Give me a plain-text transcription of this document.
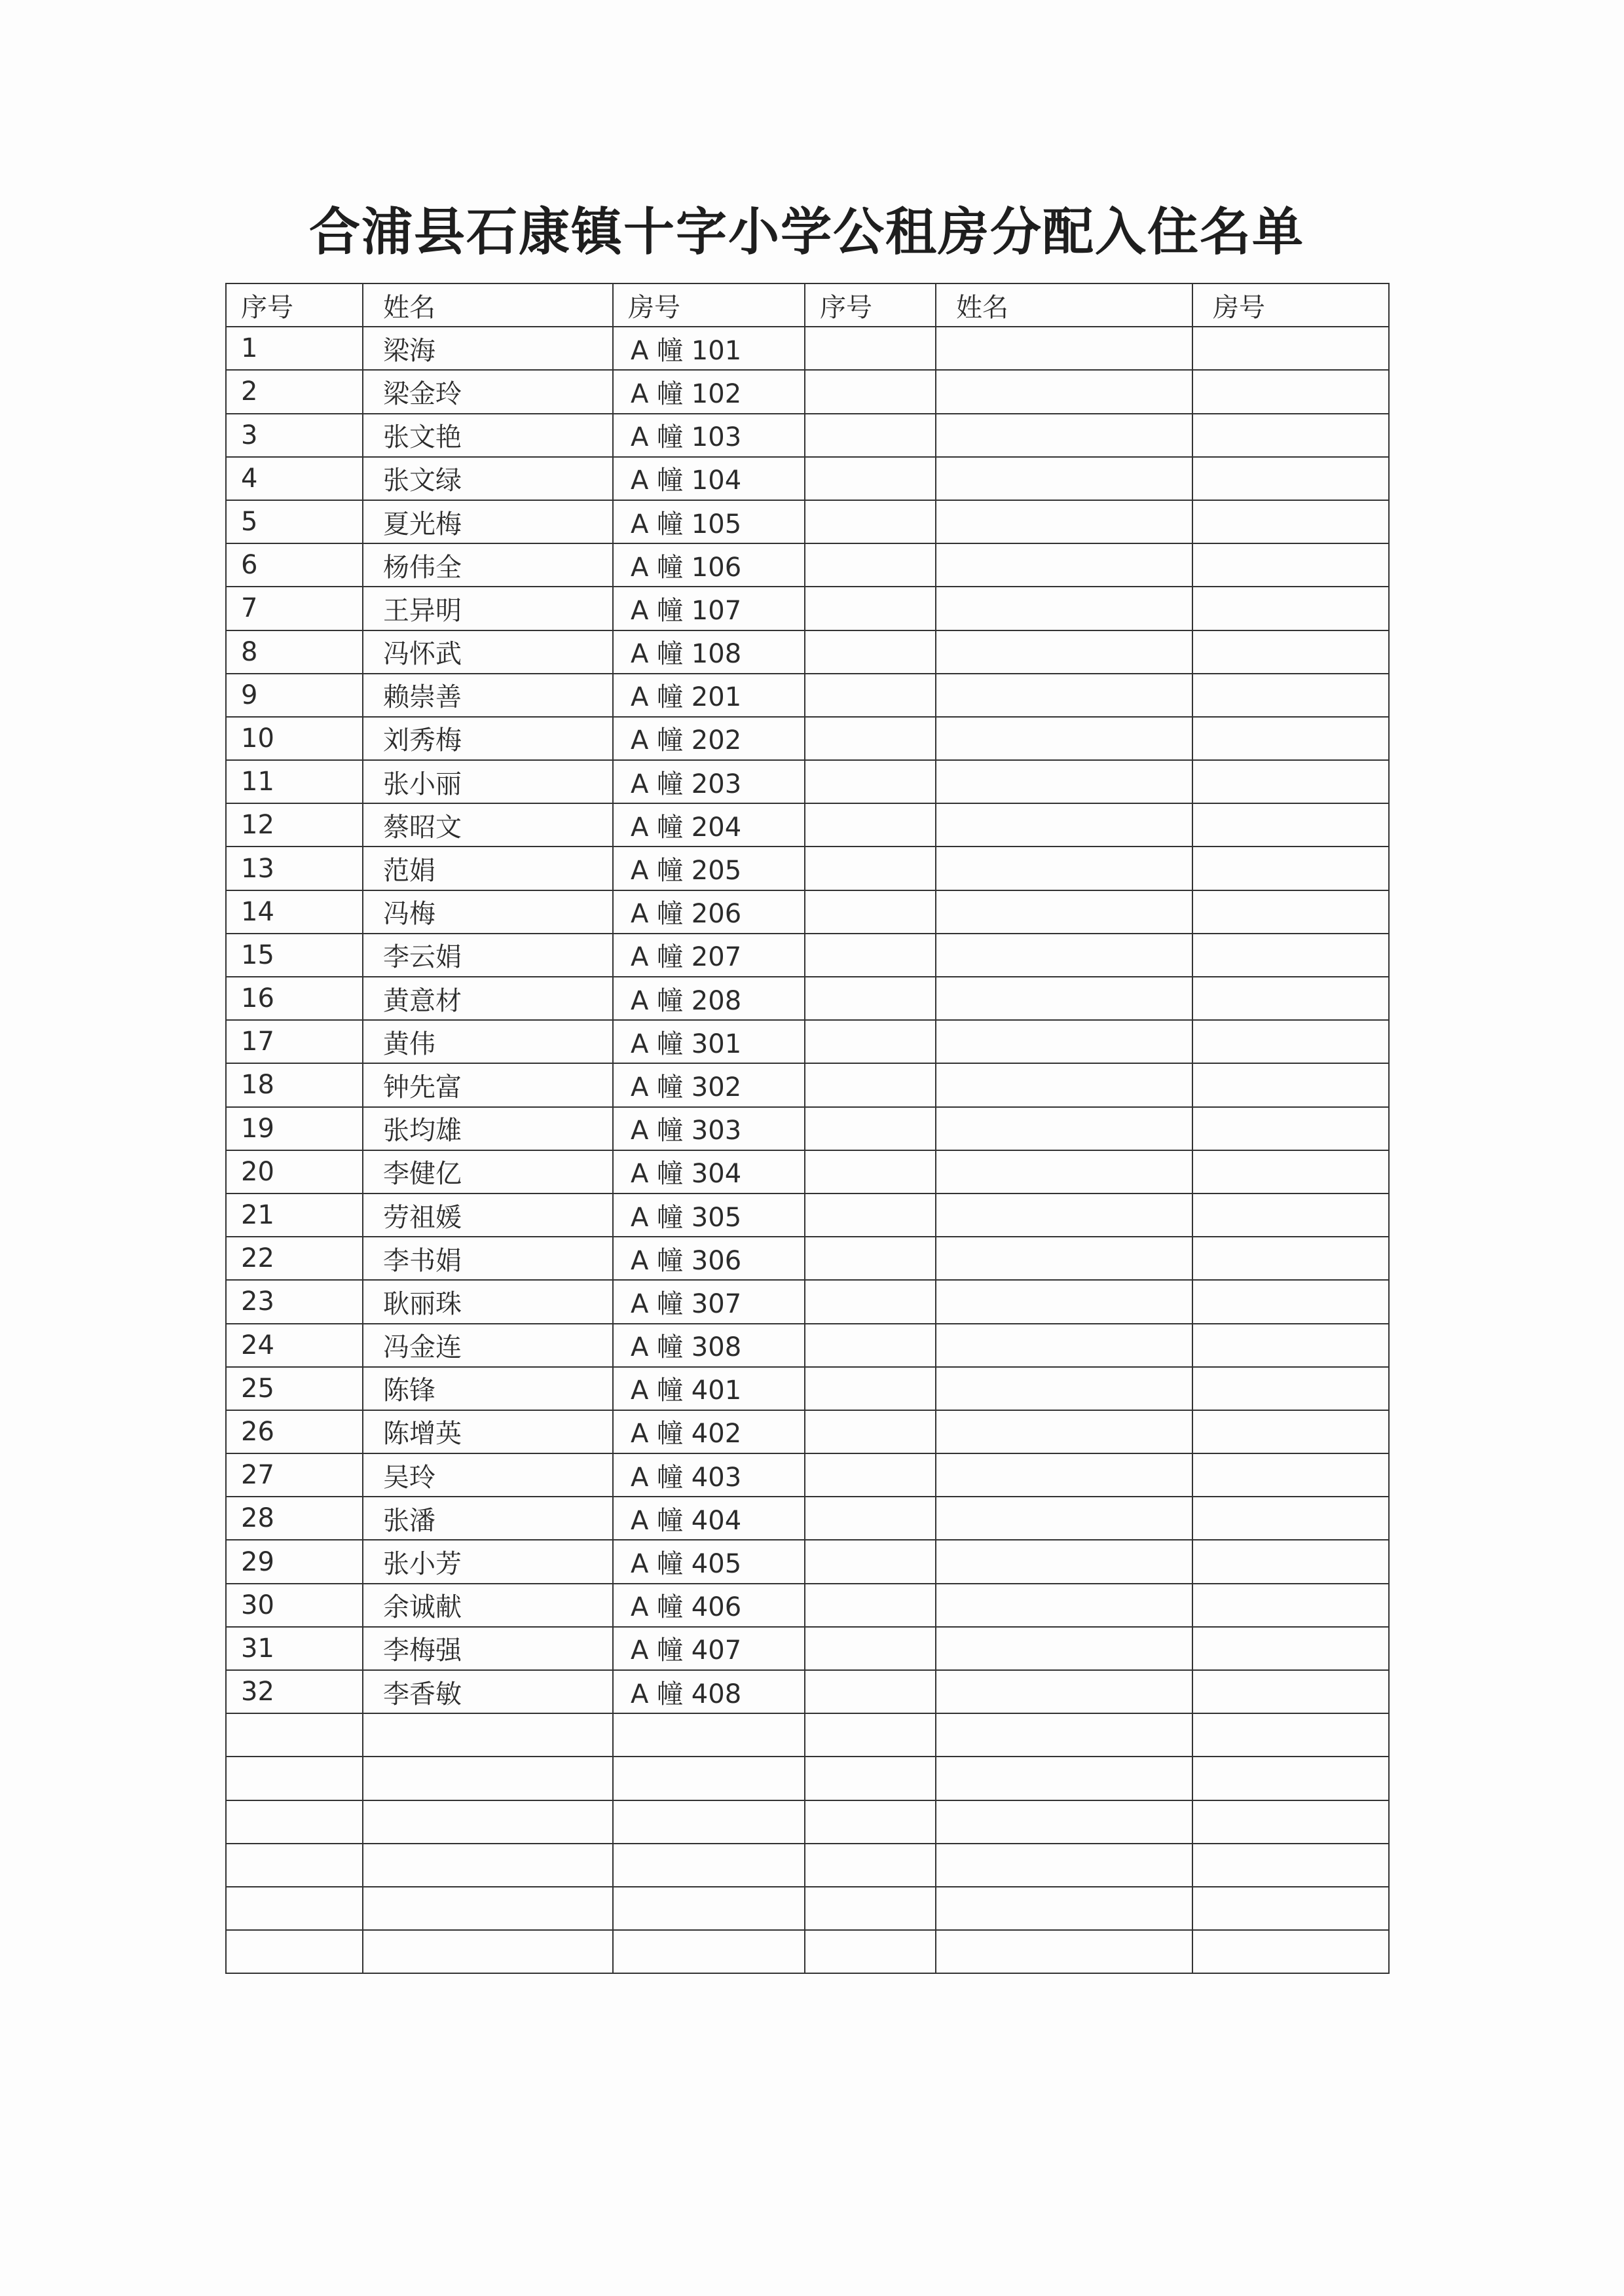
合浦县石康镇十字小学公租房分配入住名单
序号	姓名	房号	序号	姓名	房号
1	梁海	A 幢 101			
2	梁金玲	A 幢 102			
3	张文艳	A 幢 103			
4	张文绿	A 幢 104			
5	夏光梅	A 幢 105			
6	杨伟全	A 幢 106			
7	王异明	A 幢 107			
8	冯怀武	A 幢 108			
9	赖崇善	A 幢 201			
10	刘秀梅	A 幢 202			
11	张小丽	A 幢 203			
12	蔡昭文	A 幢 204			
13	范娟	A 幢 205			
14	冯梅	A 幢 206			
15	李云娟	A 幢 207			
16	黄意材	A 幢 208			
17	黄伟	A 幢 301			
18	钟先富	A 幢 302			
19	张均雄	A 幢 303			
20	李健亿	A 幢 304			
21	劳祖媛	A 幢 305			
22	李书娟	A 幢 306			
23	耿丽珠	A 幢 307			
24	冯金连	A 幢 308			
25	陈锋	A 幢 401			
26	陈增英	A 幢 402			
27	吴玲	A 幢 403			
28	张潘	A 幢 404			
29	张小芳	A 幢 405			
30	余诚献	A 幢 406			
31	李梅强	A 幢 407			
32	李香敏	A 幢 408			
